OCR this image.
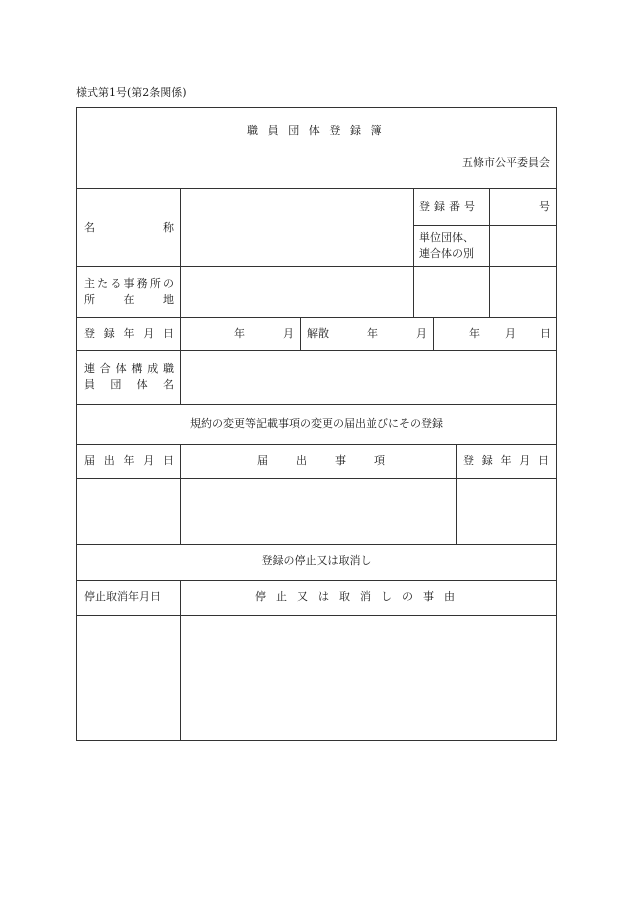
様式第1号(第2条関係)
職員団体登録簿
五條市公平委員会
名称
登録番号	号
単位団体、
連合体の別
主たる事務所の
所在地
登録年月日	年	月 解散	年	月	年 月 日
連合体構成職
員団体名
規約の変更等記載事項の変更の届出並びにその登録
届出年月日	届出事項	登録年月日
登録の停止又は取消し
停止取消年月日	停止又は取消しの事由
